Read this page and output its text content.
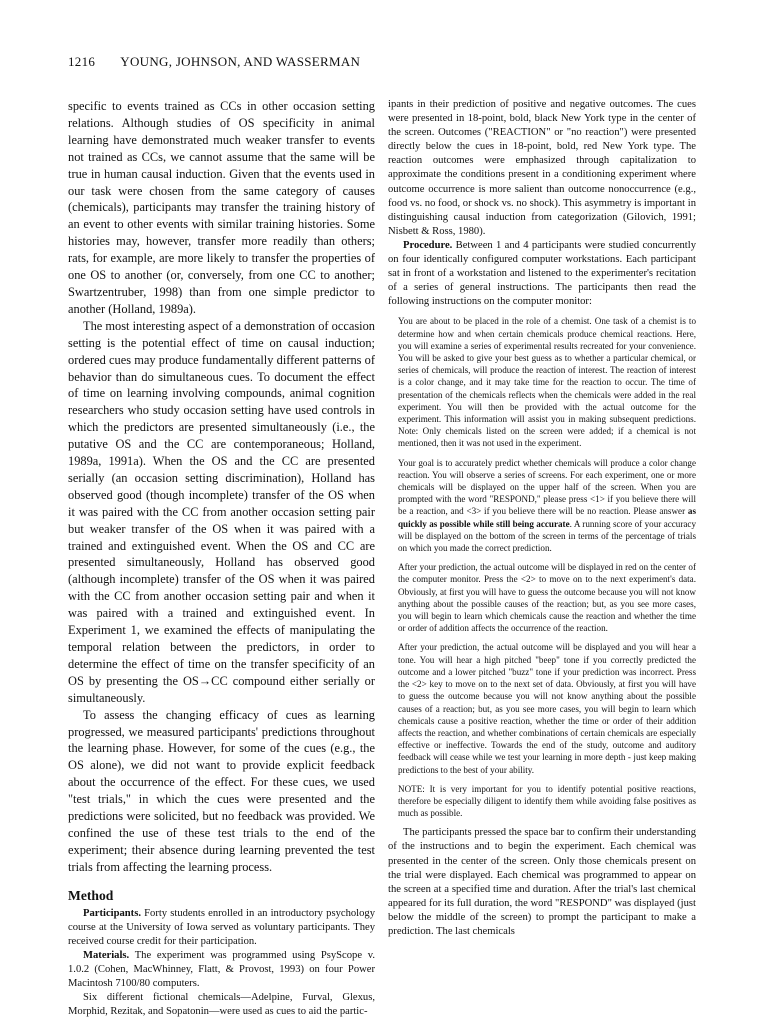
1216 YOUNG, JOHNSON, AND WASSERMAN

specific to events trained as CCs in other occasion setting relations. Although studies of OS specificity in animal learning have demonstrated much weaker transfer to events not trained as CCs, we cannot assume that the same will be true in human causal induction. Given that the events used in our task were chosen from the same category of causes (chemicals), participants may transfer the training history of an event to other events with similar training histories. Some histories may, however, transfer more readily than others; rats, for example, are more likely to transfer the properties of one OS to another (or, conversely, from one CC to another; Swartzentruber, 1998) than from one simple predictor to another (Holland, 1989a).

The most interesting aspect of a demonstration of occasion setting is the potential effect of time on causal induction; ordered cues may produce fundamentally different patterns of behavior than do simultaneous cues. To document the effect of time on learning involving compounds, animal cognition researchers who study occasion setting have used controls in which the predictors are presented simultaneously (i.e., the putative OS and the CC are contemporaneous; Holland, 1989a, 1991a). When the OS and the CC are presented serially (an occasion setting discrimination), Holland has observed good (though incomplete) transfer of the OS when it was paired with the CC from another occasion setting pair but weaker transfer of the OS when it was paired with a trained and extinguished event. When the OS and CC are presented simultaneously, Holland has observed good (although incomplete) transfer of the OS when it was paired with the CC from another occasion setting pair and when it was paired with a trained and extinguished event. In Experiment 1, we examined the effects of manipulating the temporal relation between the predictors, in order to determine the effect of time on the transfer specificity of an OS by presenting the OS→CC compound either serially or simultaneously.

To assess the changing efficacy of cues as learning progressed, we measured participants' predictions throughout the learning phase. However, for some of the cues (e.g., the OS alone), we did not want to provide explicit feedback about the occurrence of the effect. For these cues, we used "test trials," in which the cues were presented and the predictions were solicited, but no feedback was provided. We confined the use of these test trials to the end of the experiment; their absence during learning prevented the test trials from affecting the learning process.

Method

Participants. Forty students enrolled in an introductory psychology course at the University of Iowa served as voluntary participants. They received course credit for their participation.

Materials. The experiment was programmed using PsyScope v. 1.0.2 (Cohen, MacWhinney, Flatt, & Provost, 1993) on four Power Macintosh 7100/80 computers.

Six different fictional chemicals—Adelpine, Furval, Glexus, Morphid, Rezitak, and Sopatonin—were used as cues to aid the partic-

ipants in their prediction of positive and negative outcomes. The cues were presented in 18-point, bold, black New York type in the center of the screen. Outcomes ("REACTION" or "no reaction") were presented directly below the cues in 18-point, bold, red New York type. The reaction outcomes were emphasized through capitalization to approximate the conditions present in a conditioning experiment where outcome occurrence is more salient than outcome nonoccurrence (e.g., food vs. no food, or shock vs. no shock). This asymmetry is important in distinguishing causal induction from categorization (Gilovich, 1991; Nisbett & Ross, 1980).

Procedure. Between 1 and 4 participants were studied concurrently on four identically configured computer workstations. Each participant sat in front of a workstation and listened to the experimenter's recitation of a series of general instructions. The participants then read the following instructions on the computer monitor:

You are about to be placed in the role of a chemist. One task of a chemist is to determine how and when certain chemicals produce chemical reactions. Here, you will examine a series of experimental results recreated for your convenience. You will be asked to give your best guess as to whether a particular chemical, or series of chemicals, will produce the reaction of interest. The reaction of interest is a color change, and it may take time for the reaction to occur. The time of presentation of the chemicals reflects when the chemicals were added in the real experiment. You will then be provided with the actual outcome for the experiment. This information will assist you in making subsequent predictions. Note: Only chemicals listed on the screen were added; if a chemical is not mentioned, then it was not used in the experiment.

Your goal is to accurately predict whether chemicals will produce a color change reaction. You will observe a series of screens. For each experiment, one or more chemicals will be displayed on the upper half of the screen. When you are prompted with the word "RESPOND," please press <1> if you believe there will be a reaction, and <3> if you believe there will be no reaction. Please answer as quickly as possible while still being accurate. A running score of your accuracy will be displayed on the bottom of the screen in terms of the percentage of trials on which you made the correct prediction.

After your prediction, the actual outcome will be displayed in red on the center of the computer monitor. Press the <2> to move on to the next experiment's data. Obviously, at first you will have to guess the outcome because you will not know anything about the possible causes of the reaction; but, as you see more cases, you will begin to learn which chemicals cause the reaction and whether the time or order of addition affects the occurrence of the reaction.

After your prediction, the actual outcome will be displayed and you will hear a tone. You will hear a high pitched "beep" tone if you correctly predicted the outcome and a lower pitched "buzz" tone if your prediction was incorrect. Press the <2> key to move on to the next set of data. Obviously, at first you will have to guess the outcome because you will not know anything about the possible causes of a reaction; but, as you see more cases, you will begin to learn which chemicals cause a positive reaction, whether the time or order of their addition affects the reaction, and whether combinations of certain chemicals are especially effective or ineffective. Towards the end of the study, outcome and auditory feedback will cease while we test your learning in more depth - just keep making predictions to the best of your ability.

NOTE: It is very important for you to identify potential positive reactions, therefore be especially diligent to identify them while avoiding false positives as much as possible.

The participants pressed the space bar to confirm their understanding of the instructions and to begin the experiment. Each chemical was presented in the center of the screen. Only those chemicals present on the trial were displayed. Each chemical was programmed to appear on the screen at a specified time and duration. After the trial's last chemical appeared for its full duration, the word "RESPOND" was displayed (just below the middle of the screen) to prompt the participant to make a prediction. The last chemicals
